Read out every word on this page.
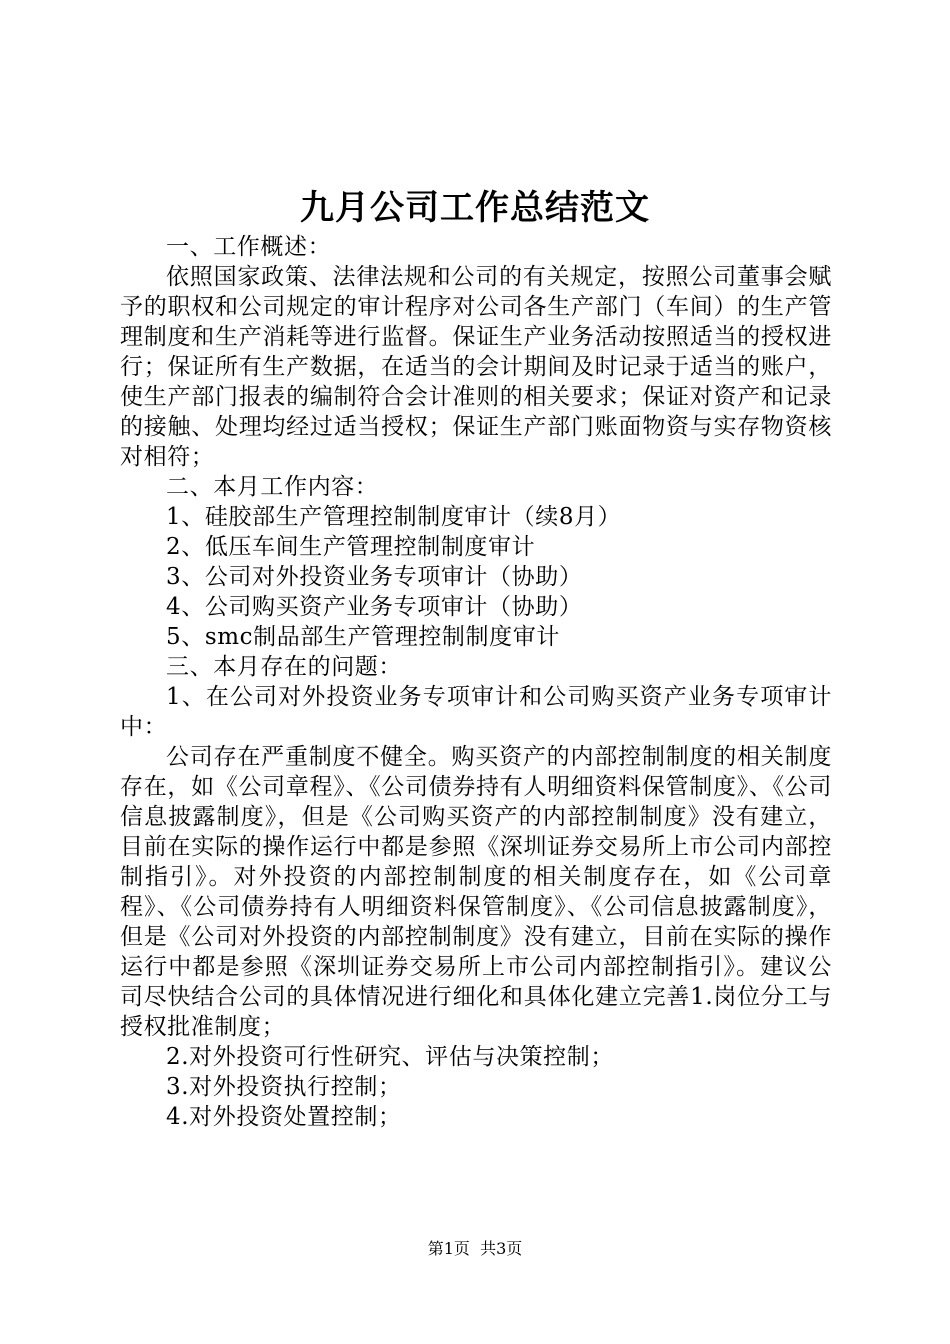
九月公司工作总结范文

一、工作概述：

依照国家政策、法律法规和公司的有关规定，按照公司董事会赋予的职权和公司规定的审计程序对公司各生产部门（车间）的生产管理制度和生产消耗等进行监督。保证生产业务活动按照适当的授权进行；保证所有生产数据，在适当的会计期间及时记录于适当的账户，使生产部门报表的编制符合会计准则的相关要求；保证对资产和记录的接触、处理均经过适当授权；保证生产部门账面物资与实存物资核对相符；

二、本月工作内容：

1、硅胶部生产管理控制制度审计（续8月）

2、低压车间生产管理控制制度审计

3、公司对外投资业务专项审计（协助）

4、公司购买资产业务专项审计（协助）

5、smc制品部生产管理控制制度审计

三、本月存在的问题：

1、在公司对外投资业务专项审计和公司购买资产业务专项审计中：

公司存在严重制度不健全。购买资产的内部控制制度的相关制度存在，如《公司章程》、《公司债券持有人明细资料保管制度》、《公司信息披露制度》，但是《公司购买资产的内部控制制度》没有建立，目前在实际的操作运行中都是参照《深圳证券交易所上市公司内部控制指引》。对外投资的内部控制制度的相关制度存在，如《公司章程》、《公司债券持有人明细资料保管制度》、《公司信息披露制度》，但是《公司对外投资的内部控制制度》没有建立，目前在实际的操作运行中都是参照《深圳证券交易所上市公司内部控制指引》。建议公司尽快结合公司的具体情况进行细化和具体化建立完善1.岗位分工与授权批准制度；

2.对外投资可行性研究、评估与决策控制；

3.对外投资执行控制；

4.对外投资处置控制；

第1页 共3页
